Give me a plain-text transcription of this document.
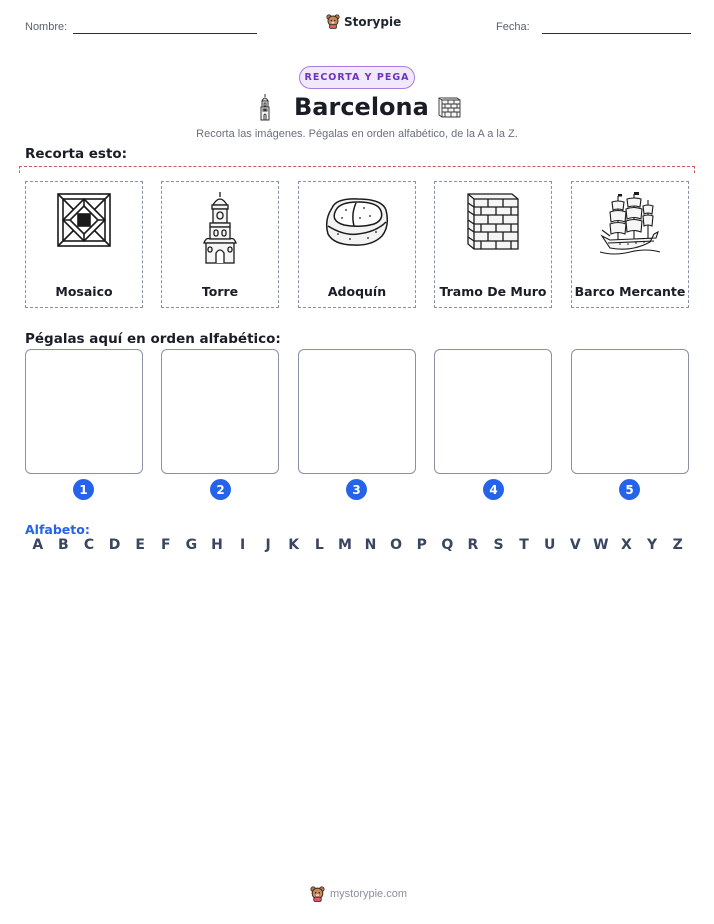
Nombre:	Storypie	Fecha:
RECORTA Y PEGA
Barcelona
Recorta las imágenes. Pégalas en orden alfabético, de la A a la Z.
Recorta esto:
Mosaico	Torre	Adoquín	Tramo De Muro	Barco Mercante
Pégalas aquí en orden alfabético:
1	2	3	4	5
Alfabeto:
A	B	C	D	E	F	G H	I	J	K	L	M N O	P	Q	R	S	T	U	V W X	Y	Z
mystorypie.com
